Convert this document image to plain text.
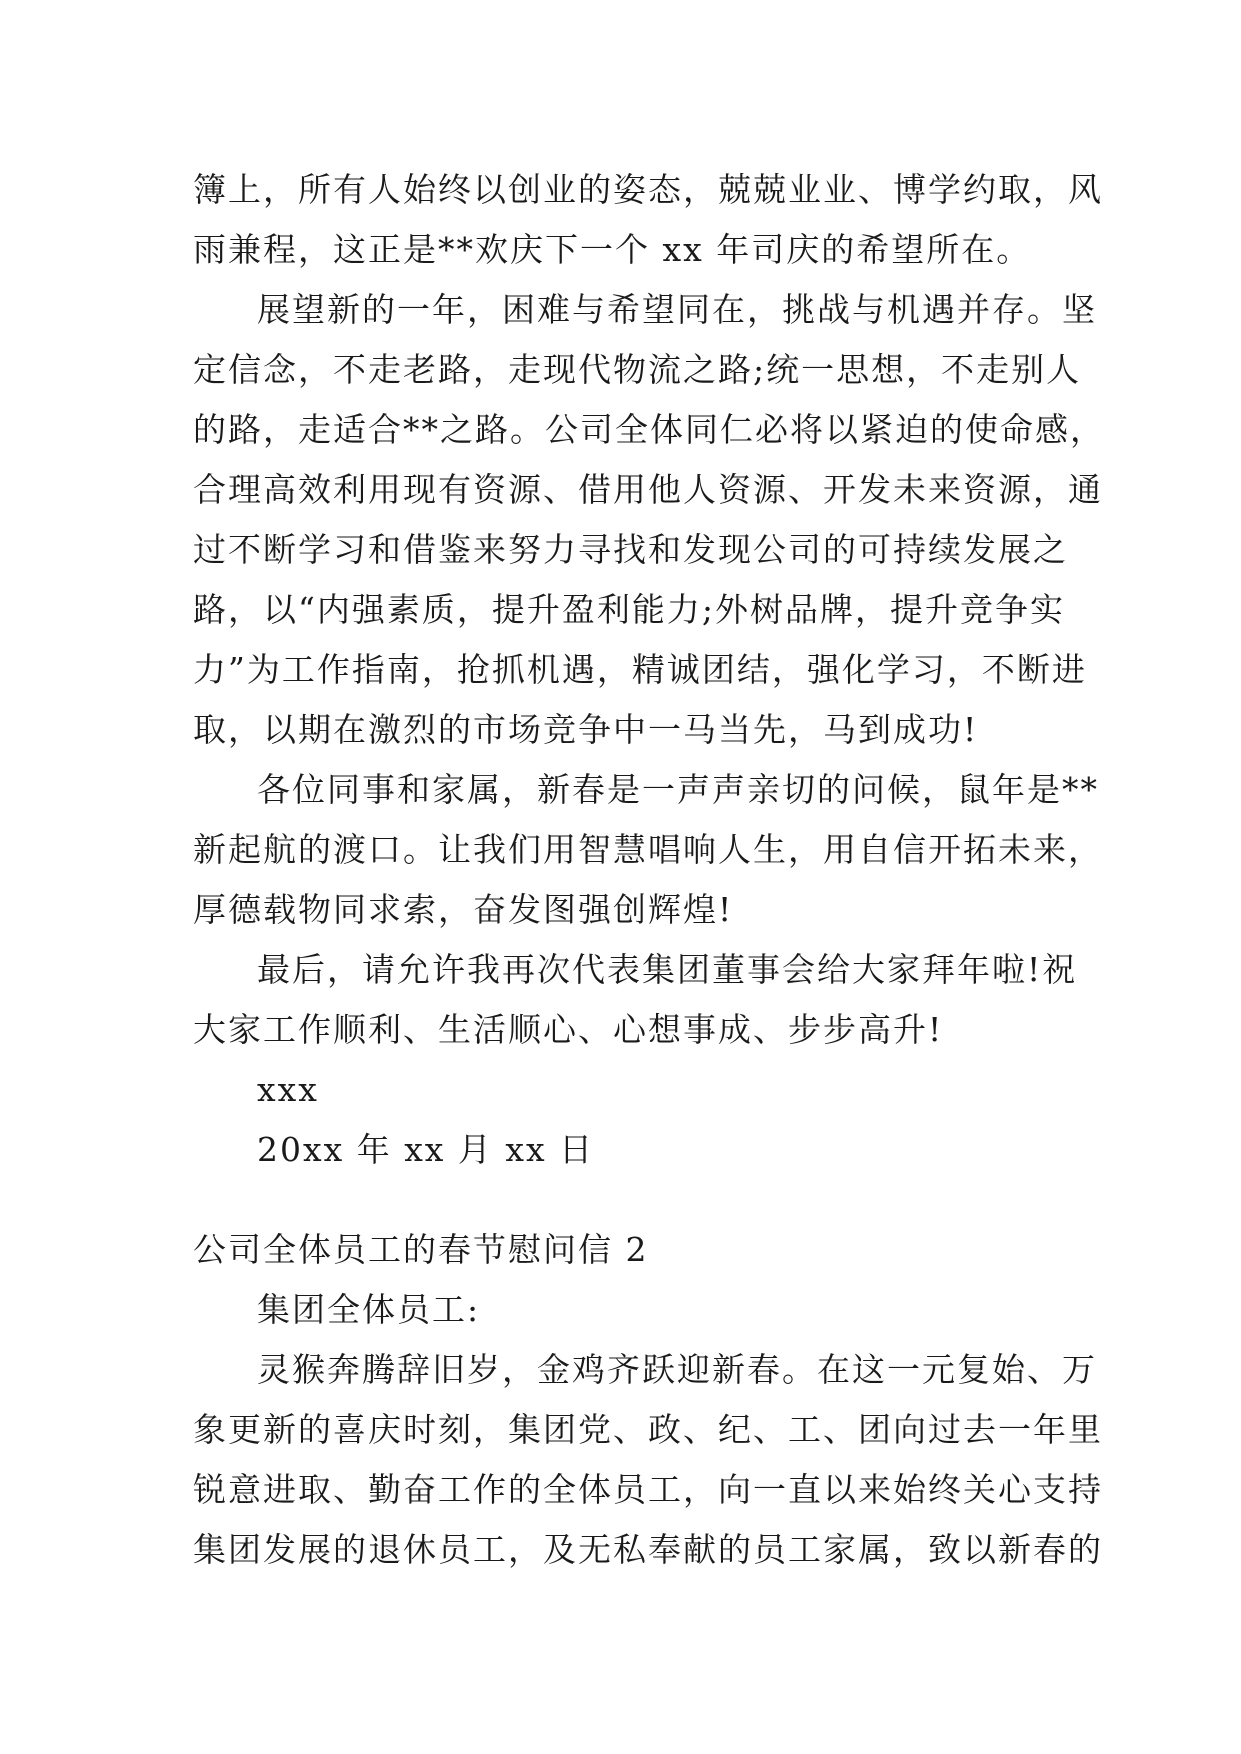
簿上，所有人始终以创业的姿态，兢兢业业、博学约取，风
雨兼程，这正是**欢庆下一个 xx 年司庆的希望所在。
展望新的一年，困难与希望同在，挑战与机遇并存。坚
定信念，不走老路，走现代物流之路;统一思想，不走别人
的路，走适合**之路。公司全体同仁必将以紧迫的使命感，
合理高效利用现有资源、借用他人资源、开发未来资源，通
过不断学习和借鉴来努力寻找和发现公司的可持续发展之
路，以“内强素质，提升盈利能力;外树品牌，提升竞争实
力”为工作指南，抢抓机遇，精诚团结，强化学习，不断进
取，以期在激烈的市场竞争中一马当先，马到成功!
各位同事和家属，新春是一声声亲切的问候，鼠年是**
新起航的渡口。让我们用智慧唱响人生，用自信开拓未来，
厚德载物同求索，奋发图强创辉煌!
最后，请允许我再次代表集团董事会给大家拜年啦!祝
大家工作顺利、生活顺心、心想事成、步步高升!
xxx
20xx 年 xx 月 xx 日
公司全体员工的春节慰问信 2
集团全体员工:
灵猴奔腾辞旧岁，金鸡齐跃迎新春。在这一元复始、万
象更新的喜庆时刻，集团党、政、纪、工、团向过去一年里
锐意进取、勤奋工作的全体员工，向一直以来始终关心支持
集团发展的退休员工，及无私奉献的员工家属，致以新春的
